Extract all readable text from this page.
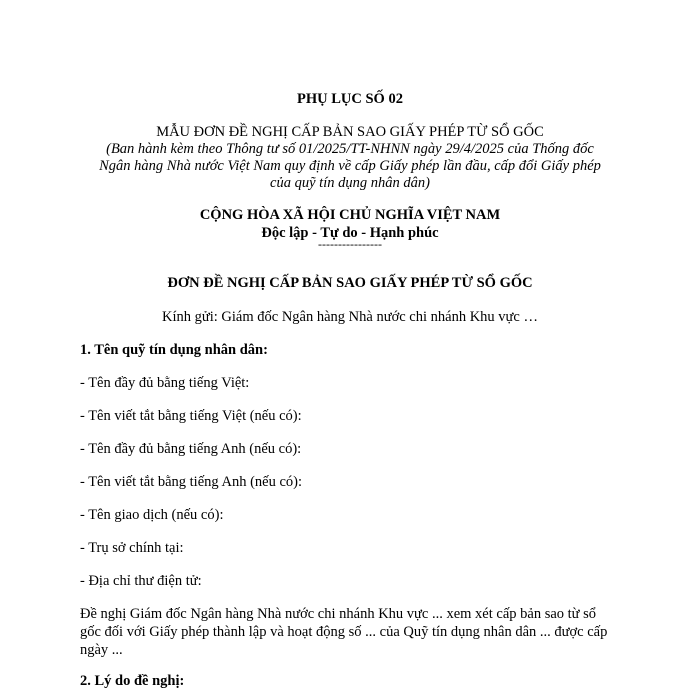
PHỤ LỤC SỐ 02
MẪU ĐƠN ĐỀ NGHỊ CẤP BẢN SAO GIẤY PHÉP TỪ SỔ GỐC
(Ban hành kèm theo Thông tư số 01/2025/TT-NHNN ngày 29/4/2025 của Thống đốc
Ngân hàng Nhà nước Việt Nam quy định về cấp Giấy phép lần đầu, cấp đổi Giấy phép
của quỹ tín dụng nhân dân)
CỘNG HÒA XÃ HỘI CHỦ NGHĨA VIỆT NAM
Độc lập - Tự do - Hạnh phúc
----------------
ĐƠN ĐỀ NGHỊ CẤP BẢN SAO GIẤY PHÉP TỪ SỔ GỐC
Kính gửi: Giám đốc Ngân hàng Nhà nước chi nhánh Khu vực …
1. Tên quỹ tín dụng nhân dân:
- Tên đầy đủ bằng tiếng Việt:
- Tên viết tắt bằng tiếng Việt (nếu có):
- Tên đầy đủ bằng tiếng Anh (nếu có):
- Tên viết tắt bằng tiếng Anh (nếu có):
- Tên giao dịch (nếu có):
- Trụ sở chính tại:
- Địa chỉ thư điện tử:
Đề nghị Giám đốc Ngân hàng Nhà nước chi nhánh Khu vực ... xem xét cấp bản sao từ sổ gốc đối với Giấy phép thành lập và hoạt động số ... của Quỹ tín dụng nhân dân ... được cấp ngày ...
2. Lý do đề nghị:
